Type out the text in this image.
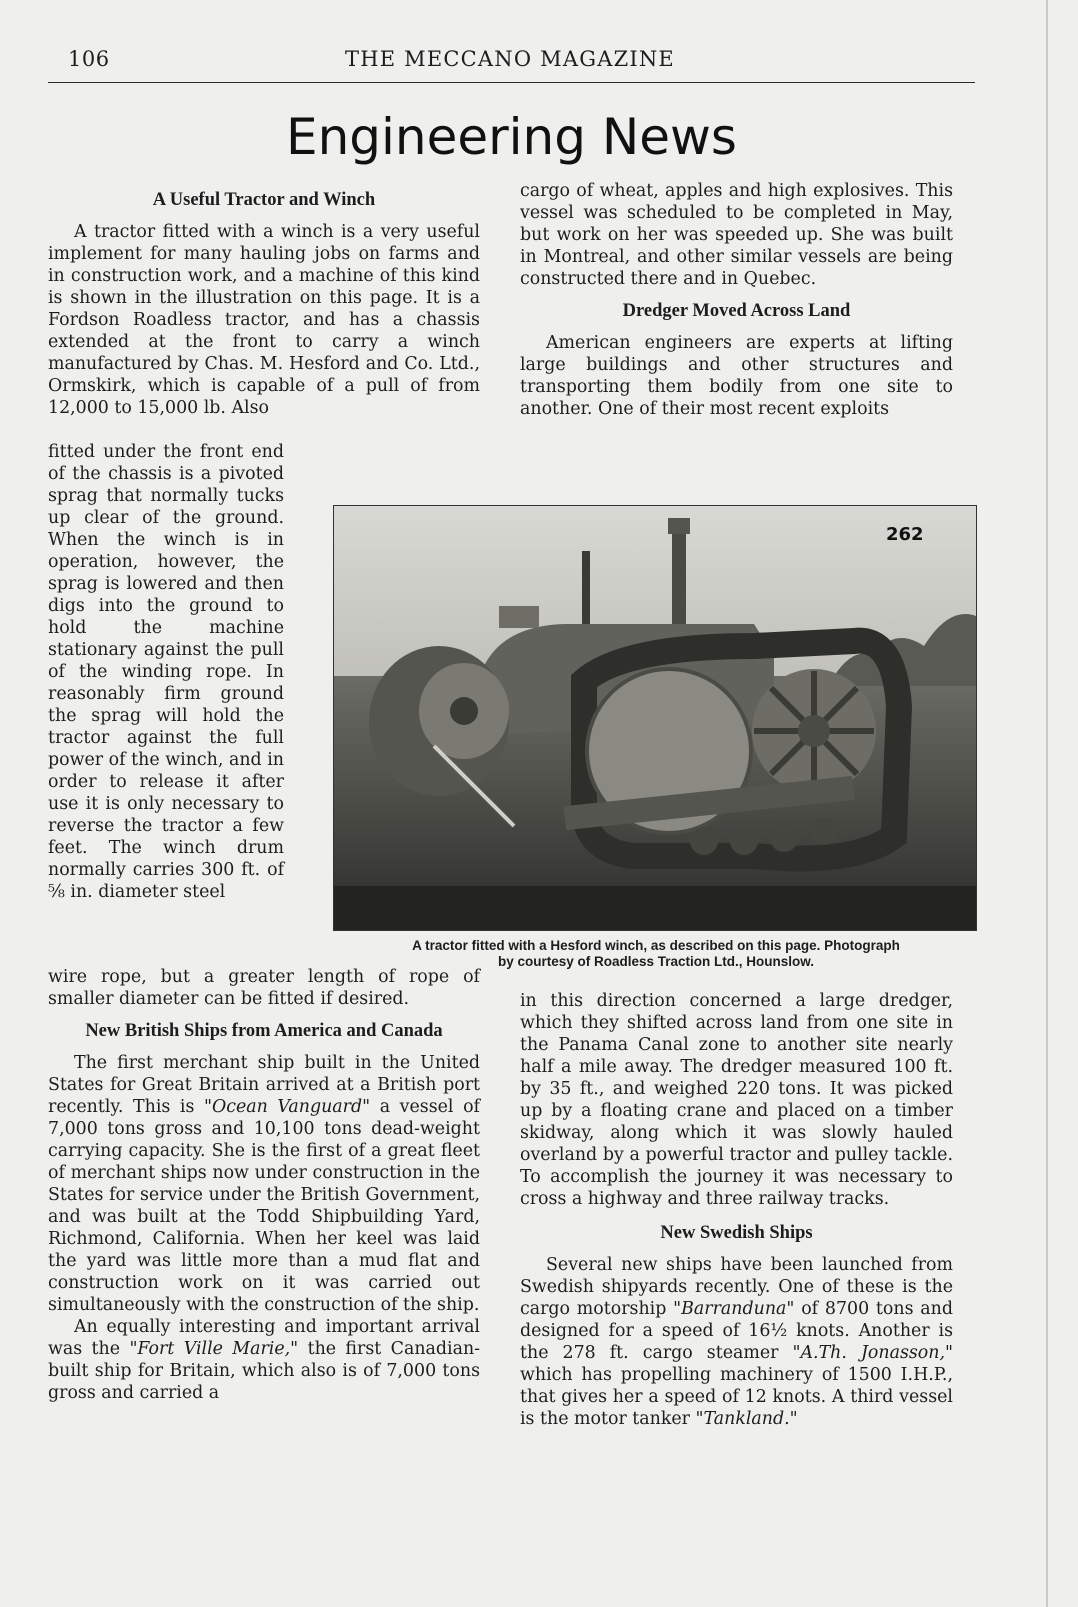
106	THE MECCANO MAGAZINE
Engineering News
A Useful Tractor and Winch

A tractor fitted with a winch is a very useful implement for many hauling jobs on farms and in construction work, and a machine of this kind is shown in the illustration on this page. It is a Fordson Roadless tractor, and has a chassis extended at the front to carry a winch manufactured by Chas. M. Hesford and Co. Ltd., Ormskirk, which is capable of a pull of from 12,000 to 15,000 lb. Also

fitted under the front end of the chassis is a pivoted sprag that normally tucks up clear of the ground. When the winch is in operation, however, the sprag is lowered and then digs into the ground to hold the machine stationary against the pull of the winding rope. In reasonably firm ground the sprag will hold the tractor against the full power of the winch, and in order to release it after use it is only necessary to reverse the tractor a few feet. The winch drum normally carries 300 ft. of ⅝ in. diameter steel

wire rope, but a greater length of rope of smaller diameter can be fitted if desired.

New British Ships from America and Canada

The first merchant ship built in the United States for Great Britain arrived at a British port recently. This is "Ocean Vanguard" a vessel of 7,000 tons gross and 10,100 tons dead-weight carrying capacity. She is the first of a great fleet of merchant ships now under construction in the States for service under the British Government, and was built at the Todd Shipbuilding Yard, Richmond, California. When her keel was laid the yard was little more than a mud flat and construction work on it was carried out simultaneously with the construction of the ship.

An equally interesting and important arrival was the "Fort Ville Marie," the first Canadian-built ship for Britain, which also is of 7,000 tons gross and carried a

cargo of wheat, apples and high explosives. This vessel was scheduled to be completed in May, but work on her was speeded up. She was built in Montreal, and other similar vessels are being constructed there and in Quebec.

Dredger Moved Across Land

American engineers are experts at lifting large buildings and other structures and transporting them bodily from one site to another. One of their most recent exploits

262
A tractor fitted with a Hesford winch, as described on this page. Photograph
by courtesy of Roadless Traction Ltd., Hounslow.

in this direction concerned a large dredger, which they shifted across land from one site in the Panama Canal zone to another site nearly half a mile away. The dredger measured 100 ft. by 35 ft., and weighed 220 tons. It was picked up by a floating crane and placed on a timber skidway, along which it was slowly hauled overland by a powerful tractor and pulley tackle. To accomplish the journey it was necessary to cross a highway and three railway tracks.

New Swedish Ships

Several new ships have been launched from Swedish shipyards recently. One of these is the cargo motorship "Barranduna" of 8700 tons and designed for a speed of 16½ knots. Another is the 278 ft. cargo steamer "A.Th. Jonasson," which has propelling machinery of 1500 I.H.P., that gives her a speed of 12 knots. A third vessel is the motor tanker "Tankland."
